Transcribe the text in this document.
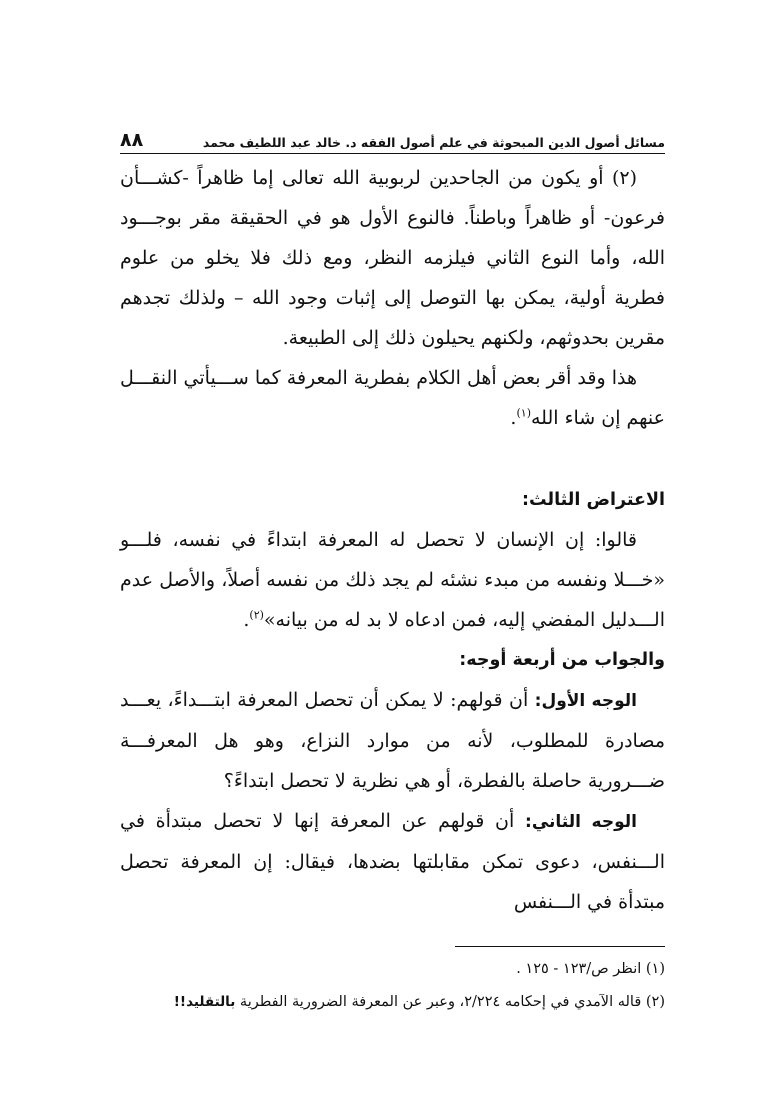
مسائل أصول الدين المبحوثة في علم أصول الفقه د. خالد عبد اللطيف محمد
٨٨

(٢) أو يكون من الجاحدين لربوبية الله تعالى إما ظاهراً -كشـــأن فرعون- أو ظاهراً وباطناً. فالنوع الأول هو في الحقيقة مقر بوجـــود الله، وأما النوع الثاني فيلزمه النظر، ومع ذلك فلا يخلو من علوم فطرية أولية، يمكن بها التوصل إلى إثبات وجود الله – ولذلك تجدهم مقرين بحدوثهم، ولكنهم يحيلون ذلك إلى الطبيعة.

هذا وقد أقر بعض أهل الكلام بفطرية المعرفة كما ســـيأتي النقـــل عنهم إن شاء الله$^{(١)}$.

الاعتراض الثالث:

قالوا: إن الإنسان لا تحصل له المعرفة ابتداءً في نفسه، فلـــو «خـــلا ونفسه من مبدء نشئه لم يجد ذلك من نفسه أصلاً، والأصل عدم الـــدليل المفضي إليه، فمن ادعاه لا بد له من بيانه»$^{(٢)}$.

والجواب من أربعة أوجه:

الوجه الأول: أن قولهم: لا يمكن أن تحصل المعرفة ابتـــداءً، يعـــد مصادرة للمطلوب، لأنه من موارد النزاع، وهو هل المعرفـــة ضـــرورية حاصلة بالفطرة، أو هي نظرية لا تحصل ابتداءً؟

الوجه الثاني: أن قولهم عن المعرفة إنها لا تحصل مبتدأة في الـــنفس، دعوى تمكن مقابلتها بضدها، فيقال: إن المعرفة تحصل مبتدأة في الـــنفس

(١) انظر ص/١٢٣ - ١٢٥ .

(٢) قاله الآمدي في إحكامه ٢/٢٢٤، وعبر عن المعرفة الضرورية الفطرية بالتقليد!!
